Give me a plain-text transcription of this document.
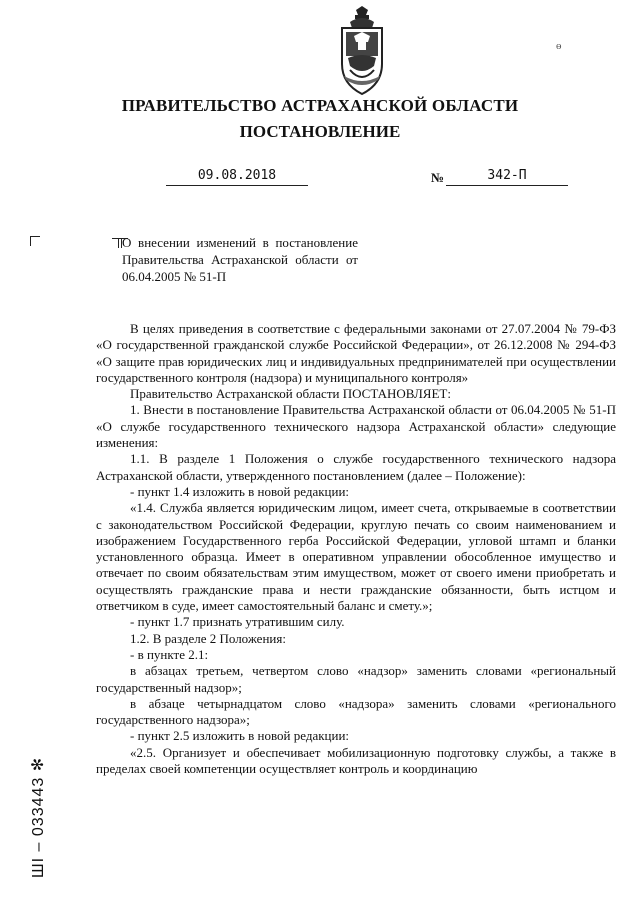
ɵ
ПРАВИТЕЛЬСТВО АСТРАХАНСКОЙ ОБЛАСТИ
ПОСТАНОВЛЕНИЕ
09.08.2018	№	342-П
О внесении изменений в постановление Правительства Астраханской области от 06.04.2005 № 51-П

В целях приведения в соответствие с федеральными законами от 27.07.2004 № 79-ФЗ «О государственной гражданской службе Российской Федерации», от 26.12.2008 № 294-ФЗ «О защите прав юридических лиц и индивидуальных предпринимателей при осуществлении государственного контроля (надзора) и муниципального контроля»

Правительство Астраханской области ПОСТАНОВЛЯЕТ:

1. Внести в постановление Правительства Астраханской области от 06.04.2005 № 51-П «О службе государственного технического надзора Астраханской области» следующие изменения:

1.1. В разделе 1 Положения о службе государственного технического надзора Астраханской области, утвержденного постановлением (далее – Положение):

- пункт 1.4 изложить в новой редакции:

«1.4. Служба является юридическим лицом, имеет счета, открываемые в соответствии с законодательством Российской Федерации, круглую печать со своим наименованием и изображением Государственного герба Российской Федерации, угловой штамп и бланки установленного образца. Имеет в оперативном управлении обособленное имущество и отвечает по своим обязательствам этим имуществом, может от своего имени приобретать и осуществлять гражданские права и нести гражданские обязанности, быть истцом и ответчиком в суде, имеет самостоятельный баланс и смету.»;

- пункт 1.7 признать утратившим силу.

1.2. В разделе 2 Положения:

- в пункте 2.1:

в абзацах третьем, четвертом слово «надзор» заменить словами «региональный государственный надзор»;

в абзаце четырнадцатом слово «надзора» заменить словами «регионального государственного надзора»;

- пункт 2.5 изложить в новой редакции:

«2.5. Организует и обеспечивает мобилизационную подготовку службы, а также в пределах своей компетенции осуществляет контроль и координацию

ШI – 033443 ✻
